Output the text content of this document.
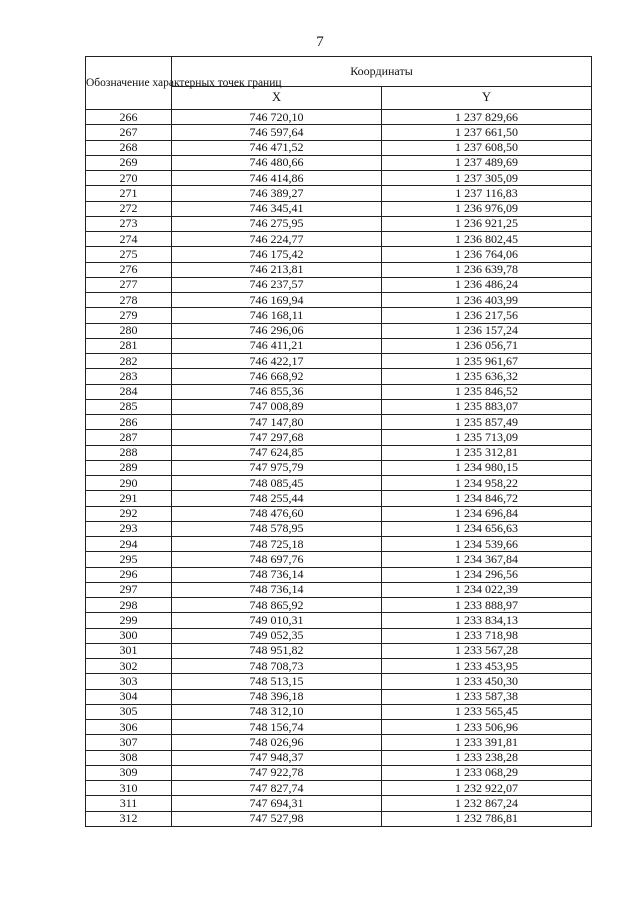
7
Обозначение характерных точек границ	Координаты	
	X	Y
266	746 720,10	1 237 829,66
267	746 597,64	1 237 661,50
268	746 471,52	1 237 608,50
269	746 480,66	1 237 489,69
270	746 414,86	1 237 305,09
271	746 389,27	1 237 116,83
272	746 345,41	1 236 976,09
273	746 275,95	1 236 921,25
274	746 224,77	1 236 802,45
275	746 175,42	1 236 764,06
276	746 213,81	1 236 639,78
277	746 237,57	1 236 486,24
278	746 169,94	1 236 403,99
279	746 168,11	1 236 217,56
280	746 296,06	1 236 157,24
281	746 411,21	1 236 056,71
282	746 422,17	1 235 961,67
283	746 668,92	1 235 636,32
284	746 855,36	1 235 846,52
285	747 008,89	1 235 883,07
286	747 147,80	1 235 857,49
287	747 297,68	1 235 713,09
288	747 624,85	1 235 312,81
289	747 975,79	1 234 980,15
290	748 085,45	1 234 958,22
291	748 255,44	1 234 846,72
292	748 476,60	1 234 696,84
293	748 578,95	1 234 656,63
294	748 725,18	1 234 539,66
295	748 697,76	1 234 367,84
296	748 736,14	1 234 296,56
297	748 736,14	1 234 022,39
298	748 865,92	1 233 888,97
299	749 010,31	1 233 834,13
300	749 052,35	1 233 718,98
301	748 951,82	1 233 567,28
302	748 708,73	1 233 453,95
303	748 513,15	1 233 450,30
304	748 396,18	1 233 587,38
305	748 312,10	1 233 565,45
306	748 156,74	1 233 506,96
307	748 026,96	1 233 391,81
308	747 948,37	1 233 238,28
309	747 922,78	1 233 068,29
310	747 827,74	1 232 922,07
311	747 694,31	1 232 867,24
312	747 527,98	1 232 786,81
